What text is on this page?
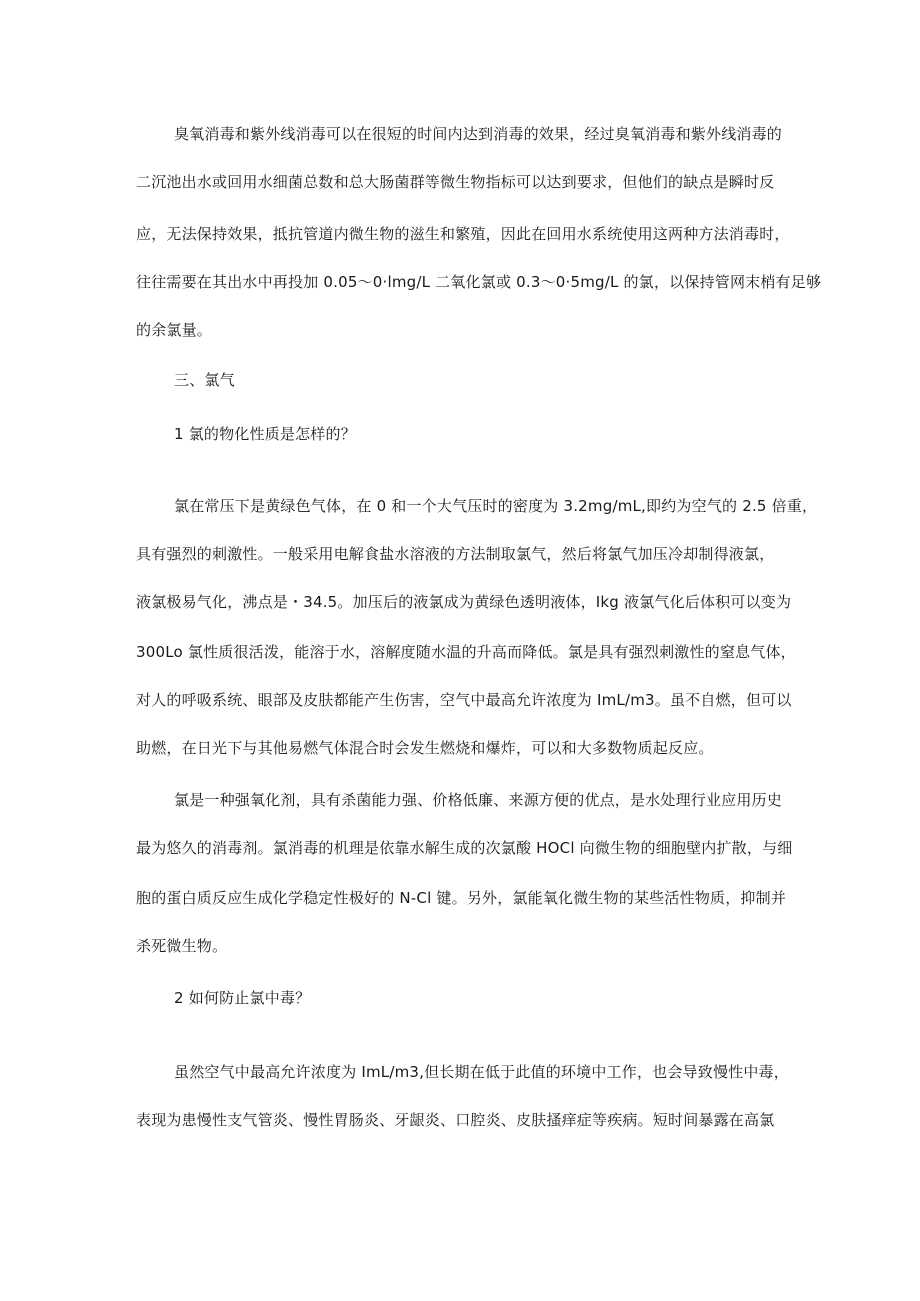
臭氧消毒和紫外线消毒可以在很短的时间内达到消毒的效果，经过臭氧消毒和紫外线消毒的
二沉池出水或回用水细菌总数和总大肠菌群等微生物指标可以达到要求，但他们的缺点是瞬时反
应，无法保持效果，抵抗管道内微生物的滋生和繁殖，因此在回用水系统使用这两种方法消毒时，
往往需要在其出水中再投加 0.05～0·lmg/L 二氧化氯或 0.3～0·5mg/L 的氯，以保持管网末梢有足够
的余氯量。
三、氯气
1 氯的物化性质是怎样的？
氯在常压下是黄绿色气体，在 0 和一个大气压时的密度为 3.2mg/mL,即约为空气的 2.5 倍重，
具有强烈的刺激性。一般采用电解食盐水溶液的方法制取氯气，然后将氯气加压冷却制得液氯，
液氯极易气化，沸点是・34.5。加压后的液氯成为黄绿色透明液体，Ikg 液氯气化后体积可以变为
300Lo 氯性质很活泼，能溶于水，溶解度随水温的升高而降低。氯是具有强烈刺激性的窒息气体，
对人的呼吸系统、眼部及皮肤都能产生伤害，空气中最高允许浓度为 ImL/m3。虽不自燃，但可以
助燃，在日光下与其他易燃气体混合时会发生燃烧和爆炸，可以和大多数物质起反应。
氯是一种强氧化剂，具有杀菌能力强、价格低廉、来源方便的优点，是水处理行业应用历史
最为悠久的消毒剂。氯消毒的机理是依靠水解生成的次氯酸 HOCl 向微生物的细胞壁内扩散，与细
胞的蛋白质反应生成化学稳定性极好的 N-Cl 键。另外，氯能氧化微生物的某些活性物质，抑制并
杀死微生物。
2 如何防止氯中毒？
虽然空气中最高允许浓度为 ImL/m3,但长期在低于此值的环境中工作，也会导致慢性中毒，
表现为患慢性支气管炎、慢性胃肠炎、牙龈炎、口腔炎、皮肤搔痒症等疾病。短时间暴露在高氯
